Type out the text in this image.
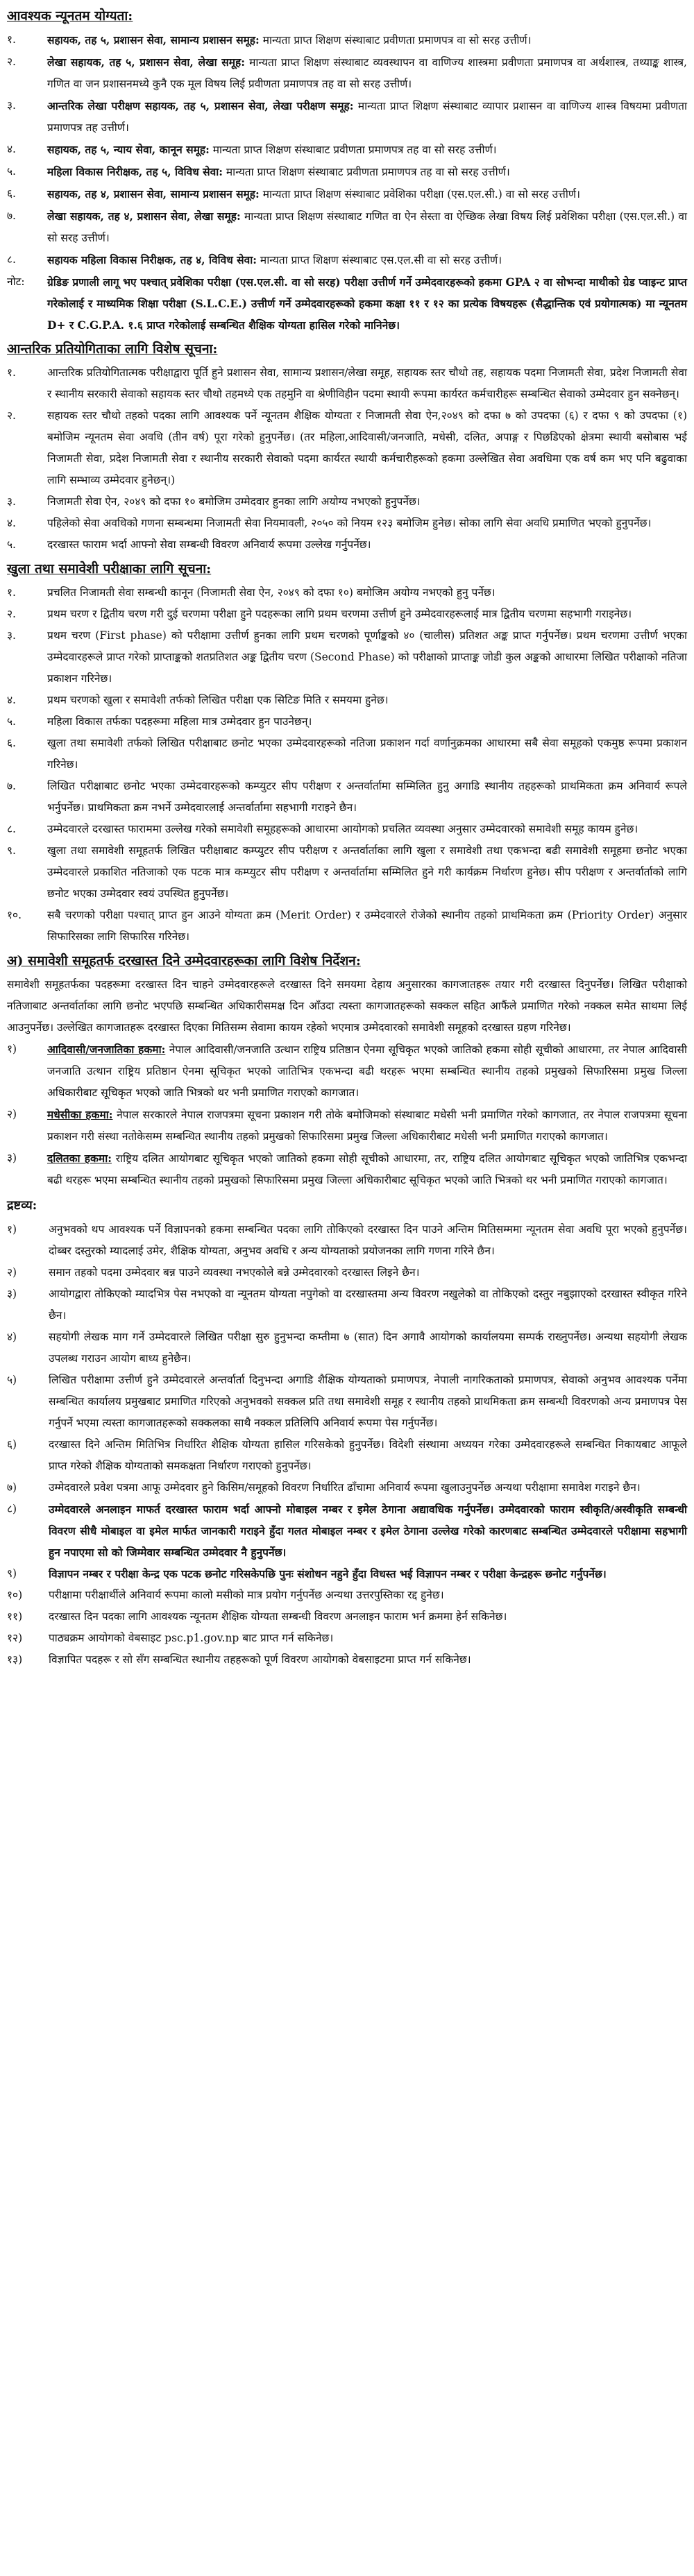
आवश्यक न्यूनतम योग्यता:
१.	सहायक, तह ५, प्रशासन सेवा, सामान्य प्रशासन समूह: मान्यता प्राप्त शिक्षण संस्थाबाट प्रवीणता प्रमाणपत्र वा सो सरह उत्तीर्ण।
२.	लेखा सहायक, तह ५, प्रशासन सेवा, लेखा समूह: मान्यता प्राप्त शिक्षण संस्थाबाट व्यवस्थापन वा वाणिज्य शास्त्रमा प्रवीणता प्रमाणपत्र वा अर्थशास्त्र, तथ्याङ्क शास्त्र, गणित वा जन प्रशासनमध्ये कुनै एक मूल विषय लिई प्रवीणता प्रमाणपत्र तह वा सो सरह उत्तीर्ण।
३.	आन्तरिक लेखा परीक्षण सहायक, तह ५, प्रशासन सेवा, लेखा परीक्षण समूह: मान्यता प्राप्त शिक्षण संस्थाबाट व्यापार प्रशासन वा वाणिज्य शास्त्र विषयमा प्रवीणता प्रमाणपत्र तह उत्तीर्ण।
४.	सहायक, तह ५, न्याय सेवा, कानून समूह: मान्यता प्राप्त शिक्षण संस्थाबाट प्रवीणता प्रमाणपत्र तह वा सो सरह उत्तीर्ण।
५.	महिला विकास निरीक्षक, तह ५, विविध सेवा: मान्यता प्राप्त शिक्षण संस्थाबाट प्रवीणता प्रमाणपत्र तह वा सो सरह उत्तीर्ण।
६.	सहायक, तह ४, प्रशासन सेवा, सामान्य प्रशासन समूह: मान्यता प्राप्त शिक्षण संस्थाबाट प्रवेशिका परीक्षा (एस.एल.सी.) वा सो सरह उत्तीर्ण।
७.	लेखा सहायक, तह ४, प्रशासन सेवा, लेखा समूह: मान्यता प्राप्त शिक्षण संस्थाबाट गणित वा ऐन सेस्ता वा ऐच्छिक लेखा विषय लिई प्रवेशिका परीक्षा (एस.एल.सी.) वा सो सरह उत्तीर्ण।
८.	सहायक महिला विकास निरीक्षक, तह ४, विविध सेवा: मान्यता प्राप्त शिक्षण संस्थाबाट एस.एल.सी वा सो सरह उत्तीर्ण।
नोट:	ग्रेडिङ प्रणाली लागू भए पश्चात् प्रवेशिका परीक्षा (एस.एल.सी. वा सो सरह) परीक्षा उत्तीर्ण गर्ने उम्मेदवारहरूको हकमा GPA २ वा सोभन्दा माथीको ग्रेड प्वाइन्ट प्राप्त गरेकोलाई र माध्यमिक शिक्षा परीक्षा (S.L.C.E.) उत्तीर्ण गर्ने उम्मेदवारहरूको हकमा कक्षा ११ र १२ का प्रत्येक विषयहरू (सैद्धान्तिक एवं प्रयोगात्मक) मा न्यूनतम D+ र C.G.P.A. १.६ प्राप्त गरेकोलाई सम्बन्धित शैक्षिक योग्यता हासिल गरेको मानिनेछ।
आन्तरिक प्रतियोगिताका लागि विशेष सूचना:
१.	आन्तरिक प्रतियोगितात्मक परीक्षाद्वारा पूर्ति हुने प्रशासन सेवा, सामान्य प्रशासन/लेखा समूह, सहायक स्तर चौथो तह, सहायक पदमा निजामती सेवा, प्रदेश निजामती सेवा र स्थानीय सरकारी सेवाको सहायक स्तर चौथो तहमध्ये एक तहमुनि वा श्रेणीविहीन पदमा स्थायी रूपमा कार्यरत कर्मचारीहरू सम्बन्धित सेवाको उम्मेदवार हुन सक्नेछन्।
२.	सहायक स्तर चौथो तहको पदका लागि आवश्यक पर्ने न्यूनतम शैक्षिक योग्यता र निजामती सेवा ऐन,२०४९ को दफा ७ को उपदफा (६) र दफा ९ को उपदफा (१) बमोजिम न्यूनतम सेवा अवधि (तीन वर्ष) पूरा गरेको हुनुपर्नेछ। (तर महिला,आदिवासी/जनजाति, मधेसी, दलित, अपाङ्ग र पिछडिएको क्षेत्रमा स्थायी बसोबास भई निजामती सेवा, प्रदेश निजामती सेवा र स्थानीय सरकारी सेवाको पदमा कार्यरत स्थायी कर्मचारीहरूको हकमा उल्लेखित सेवा अवधिमा एक वर्ष कम भए पनि बढुवाका लागि सम्भाव्य उम्मेदवार हुनेछन्।)
३.	निजामती सेवा ऐन, २०४९ को दफा १० बमोजिम उम्मेदवार हुनका लागि अयोग्य नभएको हुनुपर्नेछ।
४.	पहिलेको सेवा अवधिको गणना सम्बन्धमा निजामती सेवा नियमावली, २०५० को नियम १२३ बमोजिम हुनेछ। सोका लागि सेवा अवधि प्रमाणित भएको हुनुपर्नेछ।
५.	दरखास्त फाराम भर्दा आफ्नो सेवा सम्बन्धी विवरण अनिवार्य रूपमा उल्लेख गर्नुपर्नेछ।
खुला तथा समावेशी परीक्षाका लागि सूचना:
१.	प्रचलित निजामती सेवा सम्बन्धी कानून (निजामती सेवा ऐन, २०४९ को दफा १०) बमोजिम अयोग्य नभएको हुनु पर्नेछ।
२.	प्रथम चरण र द्वितीय चरण गरी दुई चरणमा परीक्षा हुने पदहरूका लागि प्रथम चरणमा उत्तीर्ण हुने उम्मेदवारहरूलाई मात्र द्वितीय चरणमा सहभागी गराइनेछ।
३.	प्रथम चरण (First phase) को परीक्षामा उत्तीर्ण हुनका लागि प्रथम चरणको पूर्णाङ्कको ४० (चालीस) प्रतिशत अङ्क प्राप्त गर्नुपर्नेछ। प्रथम चरणमा उत्तीर्ण भएका उम्मेदवारहरूले प्राप्त गरेको प्राप्ताङ्कको शतप्रतिशत अङ्क द्वितीय चरण (Second Phase) को परीक्षाको प्राप्ताङ्क जोडी कुल अङ्कको आधारमा लिखित परीक्षाको नतिजा प्रकाशन गरिनेछ।
४.	प्रथम चरणको खुला र समावेशी तर्फको लिखित परीक्षा एक सिटिङ मिति र समयमा हुनेछ।
५.	महिला विकास तर्फका पदहरूमा महिला मात्र उम्मेदवार हुन पाउनेछन्।
६.	खुला तथा समावेशी तर्फको लिखित परीक्षाबाट छनोट भएका उम्मेदवारहरूको नतिजा प्रकाशन गर्दा वर्णानुक्रमका आधारमा सबै सेवा समूहको एकमुष्ठ रूपमा प्रकाशन गरिनेछ।
७.	लिखित परीक्षाबाट छनोट भएका उम्मेदवारहरूको कम्प्युटर सीप परीक्षण र अन्तर्वार्तामा सम्मिलित हुनु अगाडि स्थानीय तहहरूको प्राथमिकता क्रम अनिवार्य रूपले भर्नुपर्नेछ। प्राथमिकता क्रम नभर्ने उम्मेदवारलाई अन्तर्वार्तामा सहभागी गराइने छैन।
८.	उम्मेदवारले दरखास्त फाराममा उल्लेख गरेको समावेशी समूहहरूको आधारमा आयोगको प्रचलित व्यवस्था अनुसार उम्मेदवारको समावेशी समूह कायम हुनेछ।
९.	खुला तथा समावेशी समूहतर्फ लिखित परीक्षाबाट कम्प्युटर सीप परीक्षण र अन्तर्वार्ताका लागि खुला र समावेशी तथा एकभन्दा बढी समावेशी समूहमा छनोट भएका उम्मेदवारले प्रकाशित नतिजाको एक पटक मात्र कम्प्युटर सीप परीक्षण र अन्तर्वार्तामा सम्मिलित हुने गरी कार्यक्रम निर्धारण हुनेछ। सीप परीक्षण र अन्तर्वार्ताको लागि छनोट भएका उम्मेदवार स्वयं उपस्थित हुनुपर्नेछ।
१०.	सबै चरणको परीक्षा पश्चात् प्राप्त हुन आउने योग्यता क्रम (Merit Order) र उम्मेदवारले रोजेको स्थानीय तहको प्राथमिकता क्रम (Priority Order) अनुसार सिफारिसका लागि सिफारिस गरिनेछ।
अ) समावेशी समूहतर्फ दरखास्त दिने उम्मेदवारहरूका लागि विशेष निर्देशन:
समावेशी समूहतर्फका पदहरूमा दरखास्त दिन चाहने उम्मेदवारहरूले दरखास्त दिने समयमा देहाय अनुसारका कागजातहरू तयार गरी दरखास्त दिनुपर्नेछ। लिखित परीक्षाको नतिजाबाट अन्तर्वार्ताका लागि छनोट भएपछि सम्बन्धित अधिकारीसमक्ष दिन आँउदा त्यस्ता कागजातहरूको सक्कल सहित आफैंले प्रमाणित गरेको नक्कल समेत साथमा लिई आउनुपर्नेछ। उल्लेखित कागजातहरू दरखास्त दिएका मितिसम्म सेवामा कायम रहेको भएमात्र उम्मेदवारको समावेशी समूहको दरखास्त ग्रहण गरिनेछ।
१)	आदिवासी/जनजातिका हकमा: नेपाल आदिवासी/जनजाति उत्थान राष्ट्रिय प्रतिष्ठान ऐनमा सूचिकृत भएको जातिको हकमा सोही सूचीको आधारमा, तर नेपाल आदिवासी जनजाति उत्थान राष्ट्रिय प्रतिष्ठान ऐनमा सूचिकृत भएको जातिभित्र एकभन्दा बढी थरहरू भएमा सम्बन्धित स्थानीय तहको प्रमुखको सिफारिसमा प्रमुख जिल्ला अधिकारीबाट सूचिकृत भएको जाति भित्रको थर भनी प्रमाणित गराएको कागजात।
२)	मधेसीका हकमा: नेपाल सरकारले नेपाल राजपत्रमा सूचना प्रकाशन गरी तोके बमोजिमको संस्थाबाट मधेसी भनी प्रमाणित गरेको कागजात, तर नेपाल राजपत्रमा सूचना प्रकाशन गरी संस्था नतोकेसम्म सम्बन्धित स्थानीय तहको प्रमुखको सिफारिसमा प्रमुख जिल्ला अधिकारीबाट मधेसी भनी प्रमाणित गराएको कागजात।
३)	दलितका हकमा: राष्ट्रिय दलित आयोगबाट सूचिकृत भएको जातिको हकमा सोही सूचीको आधारमा, तर, राष्ट्रिय दलित आयोगबाट सूचिकृत भएको जातिभित्र एकभन्दा बढी थरहरू भएमा सम्बन्धित स्थानीय तहको प्रमुखको सिफारिसमा प्रमुख जिल्ला अधिकारीबाट सूचिकृत भएको जाति भित्रको थर भनी प्रमाणित गराएको कागजात।
द्रष्टव्य:
१)	अनुभवको थप आवश्यक पर्ने विज्ञापनको हकमा सम्बन्धित पदका लागि तोकिएको दरखास्त दिन पाउने अन्तिम मितिसम्ममा न्यूनतम सेवा अवधि पूरा भएको हुनुपर्नेछ। दोब्बर दस्तुरको म्यादलाई उमेर, शैक्षिक योग्यता, अनुभव अवधि र अन्य योग्यताको प्रयोजनका लागि गणना गरिने छैन।
२)	समान तहको पदमा उम्मेदवार बन्न पाउने व्यवस्था नभएकोले बन्ने उम्मेदवारको दरखास्त लिइने छैन।
३)	आयोगद्वारा तोकिएको म्यादभित्र पेस नभएको वा न्यूनतम योग्यता नपुगेको वा दरखास्तमा अन्य विवरण नखुलेको वा तोकिएको दस्तुर नबुझाएको दरखास्त स्वीकृत गरिने छैन।
४)	सहयोगी लेखक माग गर्ने उम्मेदवारले लिखित परीक्षा सुरु हुनुभन्दा कम्तीमा ७ (सात) दिन अगावै आयोगको कार्यालयमा सम्पर्क राख्नुपर्नेछ। अन्यथा सहयोगी लेखक उपलब्ध गराउन आयोग बाध्य हुनेछैन।
५)	लिखित परीक्षामा उत्तीर्ण हुने उम्मेदवारले अन्तर्वार्ता दिनुभन्दा अगाडि शैक्षिक योग्यताको प्रमाणपत्र, नेपाली नागरिकताको प्रमाणपत्र, सेवाको अनुभव आवश्यक पर्नेमा सम्बन्धित कार्यालय प्रमुखबाट प्रमाणित गरिएको अनुभवको सक्कल प्रति तथा समावेशी समूह र स्थानीय तहको प्राथमिकता क्रम सम्बन्धी विवरणको अन्य प्रमाणपत्र पेस गर्नुपर्ने भएमा त्यस्ता कागजातहरूको सक्कलका साथै नक्कल प्रतिलिपि अनिवार्य रूपमा पेस गर्नुपर्नेछ।
६)	दरखास्त दिने अन्तिम मितिभित्र निर्धारित शैक्षिक योग्यता हासिल गरिसकेको हुनुपर्नेछ। विदेशी संस्थामा अध्ययन गरेका उम्मेदवारहरूले सम्बन्धित निकायबाट आफूले प्राप्त गरेको शैक्षिक योग्यताको समकक्षता निर्धारण गराएको हुनुपर्नेछ।
७)	उम्मेदवारले प्रवेश पत्रमा आफू उम्मेदवार हुने किसिम/समूहको विवरण निर्धारित ढाँचामा अनिवार्य रूपमा खुलाउनुपर्नेछ अन्यथा परीक्षामा समावेश गराइने छैन।
८)	उम्मेदवारले अनलाइन माफर्त दरखास्त फाराम भर्दा आफ्नो मोबाइल नम्बर र इमेल ठेगाना अद्यावधिक गर्नुपर्नेछ। उम्मेदवारको फाराम स्वीकृति/अस्वीकृति सम्बन्धी विवरण सीधै मोबाइल वा इमेल मार्फत जानकारी गराइने हुँदा गलत मोबाइल नम्बर र इमेल ठेगाना उल्लेख गरेको कारणबाट सम्बन्धित उम्मेदवारले परीक्षामा सहभागी हुन नपाएमा सो को जिम्मेवार सम्बन्धित उम्मेदवार नै हुनुपर्नेछ।
९)	विज्ञापन नम्बर र परीक्षा केन्द्र एक पटक छनोट गरिसकेपछि पुनः संशोधन नहुने हुँदा विधस्त भई विज्ञापन नम्बर र परीक्षा केन्द्रहरू छनोट गर्नुपर्नेछ।
१०)	परीक्षामा परीक्षार्थीले अनिवार्य रूपमा कालो मसीको मात्र प्रयोग गर्नुपर्नेछ अन्यथा उत्तरपुस्तिका रद्द हुनेछ।
११)	दरखास्त दिन पदका लागि आवश्यक न्यूनतम शैक्षिक योग्यता सम्बन्धी विवरण अनलाइन फाराम भर्न क्रममा हेर्न सकिनेछ।
१२)	पाठ्यक्रम आयोगको वेबसाइट psc.p1.gov.np बाट प्राप्त गर्न सकिनेछ।
१३)	विज्ञापित पदहरू र सो सँग सम्बन्धित स्थानीय तहहरूको पूर्ण विवरण आयोगको वेबसाइटमा प्राप्त गर्न सकिनेछ।
